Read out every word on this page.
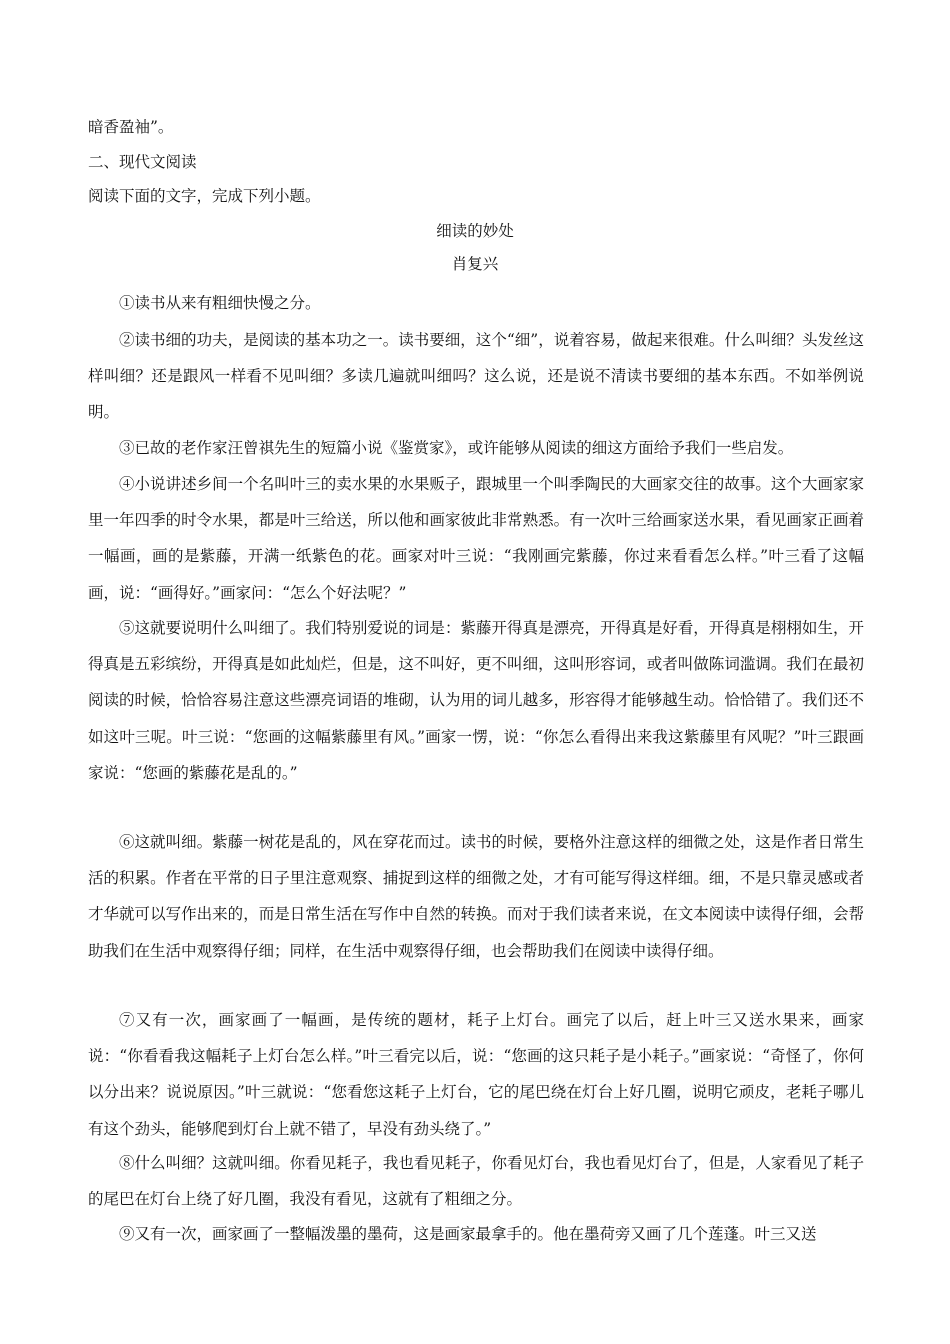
暗香盈袖”。
二、现代文阅读
阅读下面的文字，完成下列小题。
细读的妙处
肖复兴
①读书从来有粗细快慢之分。
②读书细的功夫，是阅读的基本功之一。读书要细，这个“细”，说着容易，做起来很难。什么叫细？头发丝这样叫细？还是跟风一样看不见叫细？多读几遍就叫细吗？这么说，还是说不清读书要细的基本东西。不如举例说明。
③已故的老作家汪曾祺先生的短篇小说《鉴赏家》，或许能够从阅读的细这方面给予我们一些启发。
④小说讲述乡间一个名叫叶三的卖水果的水果贩子，跟城里一个叫季陶民的大画家交往的故事。这个大画家家里一年四季的时令水果，都是叶三给送，所以他和画家彼此非常熟悉。有一次叶三给画家送水果，看见画家正画着一幅画，画的是紫藤，开满一纸紫色的花。画家对叶三说：“我刚画完紫藤，你过来看看怎么样。”叶三看了这幅画，说：“画得好。”画家问：“怎么个好法呢？”
⑤这就要说明什么叫细了。我们特别爱说的词是：紫藤开得真是漂亮，开得真是好看，开得真是栩栩如生，开得真是五彩缤纷，开得真是如此灿烂，但是，这不叫好，更不叫细，这叫形容词，或者叫做陈词滥调。我们在最初阅读的时候，恰恰容易注意这些漂亮词语的堆砌，认为用的词儿越多，形容得才能够越生动。恰恰错了。我们还不如这叶三呢。叶三说：“您画的这幅紫藤里有风。”画家一愣，说：“你怎么看得出来我这紫藤里有风呢？”叶三跟画家说：“您画的紫藤花是乱的。”
⑥这就叫细。紫藤一树花是乱的，风在穿花而过。读书的时候，要格外注意这样的细微之处，这是作者日常生活的积累。作者在平常的日子里注意观察、捕捉到这样的细微之处，才有可能写得这样细。细，不是只靠灵感或者才华就可以写作出来的，而是日常生活在写作中自然的转换。而对于我们读者来说，在文本阅读中读得仔细，会帮助我们在生活中观察得仔细；同样，在生活中观察得仔细，也会帮助我们在阅读中读得仔细。
⑦又有一次，画家画了一幅画，是传统的题材，耗子上灯台。画完了以后，赶上叶三又送水果来，画家说：“你看看我这幅耗子上灯台怎么样。”叶三看完以后，说：“您画的这只耗子是小耗子。”画家说：“奇怪了，你何以分出来？说说原因。”叶三就说：“您看您这耗子上灯台，它的尾巴绕在灯台上好几圈，说明它顽皮，老耗子哪儿有这个劲头，能够爬到灯台上就不错了，早没有劲头绕了。”
⑧什么叫细？这就叫细。你看见耗子，我也看见耗子，你看见灯台，我也看见灯台了，但是，人家看见了耗子的尾巴在灯台上绕了好几圈，我没有看见，这就有了粗细之分。
⑨又有一次，画家画了一整幅泼墨的墨荷，这是画家最拿手的。他在墨荷旁又画了几个莲蓬。叶三又送
